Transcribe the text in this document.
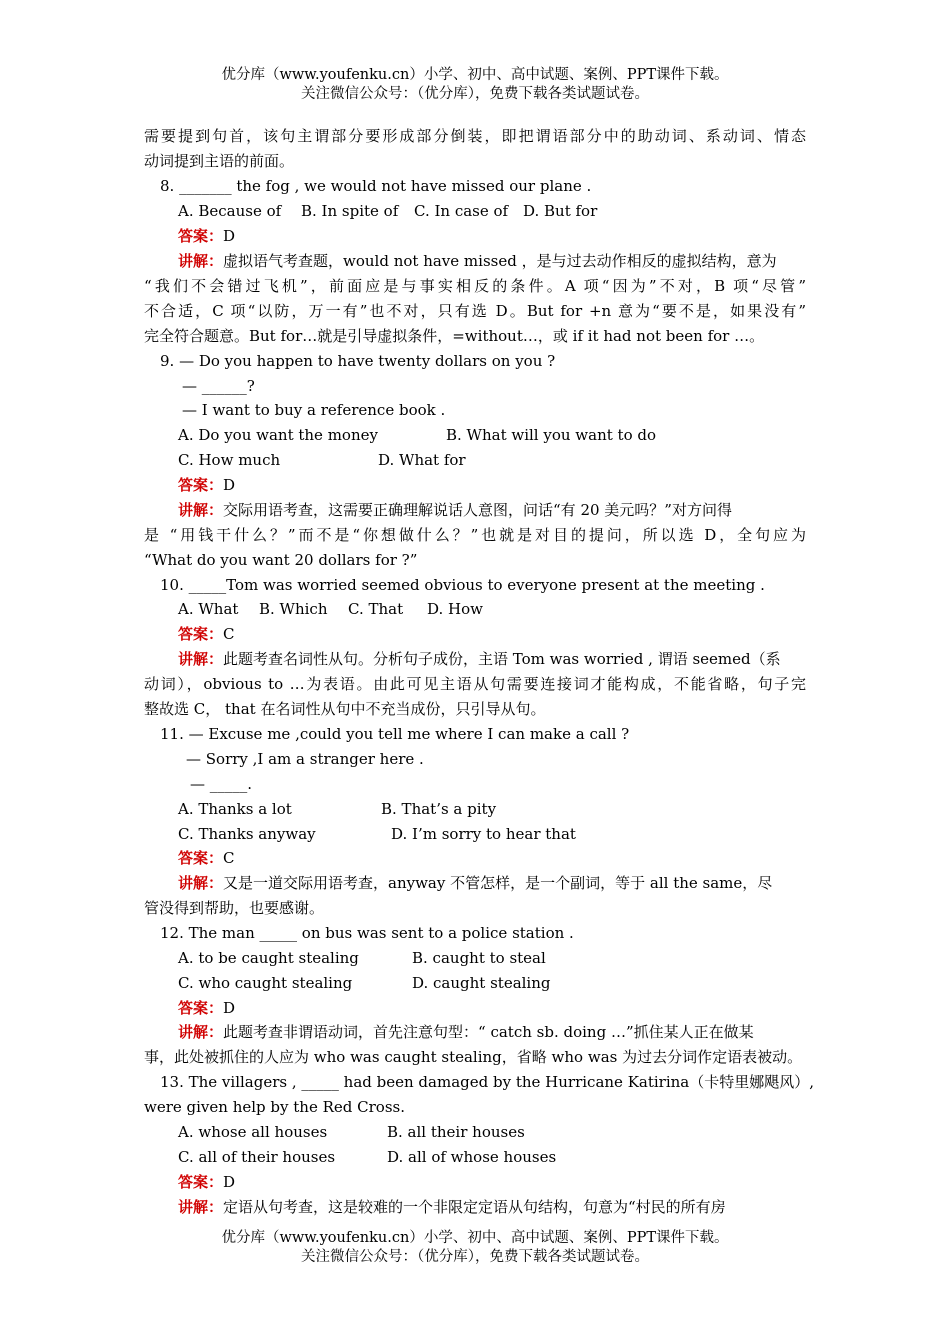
优分库（www.youfenku.cn）小学、初中、高中试题、案例、PPT课件下载。
关注微信公众号：（优分库），免费下载各类试题试卷。
需要提到句首，该句主谓部分要形成部分倒装，即把谓语部分中的助动词、系动词、情态
动词提到主语的前面。
8. _______ the fog , we would not have missed our plane .
A. Because of B. In spite of C. In case of D. But for
答案：D
讲解：虚拟语气考查题，would not have missed ，是与过去动作相反的虚拟结构，意为
“我们不会错过飞机”，前面应是与事实相反的条件。A 项“因为”不对，B 项“尽管”
不合适，C 项“以防，万一有”也不对，只有选 D。But for +n 意为“要不是，如果没有”
完全符合题意。But for…就是引导虚拟条件，=without…，或 if it had not been for …。
9. — Do you happen to have twenty dollars on you ?
— ______?
— I want to buy a reference book .
A. Do you want the money	B. What will you want to do
C. How much	D. What for
答案：D
讲解：交际用语考查，这需要正确理解说话人意图，问话“有 20 美元吗？”对方问得
是 “用钱干什么？”而不是“你想做什么？”也就是对目的提问，所以选 D，全句应为
“What do you want 20 dollars for ?”
10. _____Tom was worried seemed obvious to everyone present at the meeting .
A. What B. Which C. That D. How
答案：C
讲解：此题考查名词性从句。分析句子成份，主语 Tom was worried , 谓语 seemed（系
动词），obvious to …为表语。由此可见主语从句需要连接词才能构成，不能省略，句子完
整故选 C， that 在名词性从句中不充当成份，只引导从句。
11. — Excuse me ,could you tell me where I can make a call ?
— Sorry ,I am a stranger here .
— _____.
A. Thanks a lot	B. That’s a pity
C. Thanks anyway	D. I’m sorry to hear that
答案：C
讲解：又是一道交际用语考查，anyway 不管怎样，是一个副词，等于 all the same，尽
管没得到帮助，也要感谢。
12. The man _____ on bus was sent to a police station .
A. to be caught stealing	B. caught to steal
C. who caught stealing	D. caught stealing
答案：D
讲解：此题考查非谓语动词，首先注意句型：“ catch sb. doing …”抓住某人正在做某
事，此处被抓住的人应为 who was caught stealing，省略 who was 为过去分词作定语表被动。
13. The villagers , _____ had been damaged by the Hurricane Katirina（卡特里娜飓风）,
were given help by the Red Cross.
A. whose all houses	B. all their houses
C. all of their houses	D. all of whose houses
答案：D
讲解：定语从句考查，这是较难的一个非限定定语从句结构，句意为“村民的所有房
优分库（www.youfenku.cn）小学、初中、高中试题、案例、PPT课件下载。
关注微信公众号：（优分库），免费下载各类试题试卷。
